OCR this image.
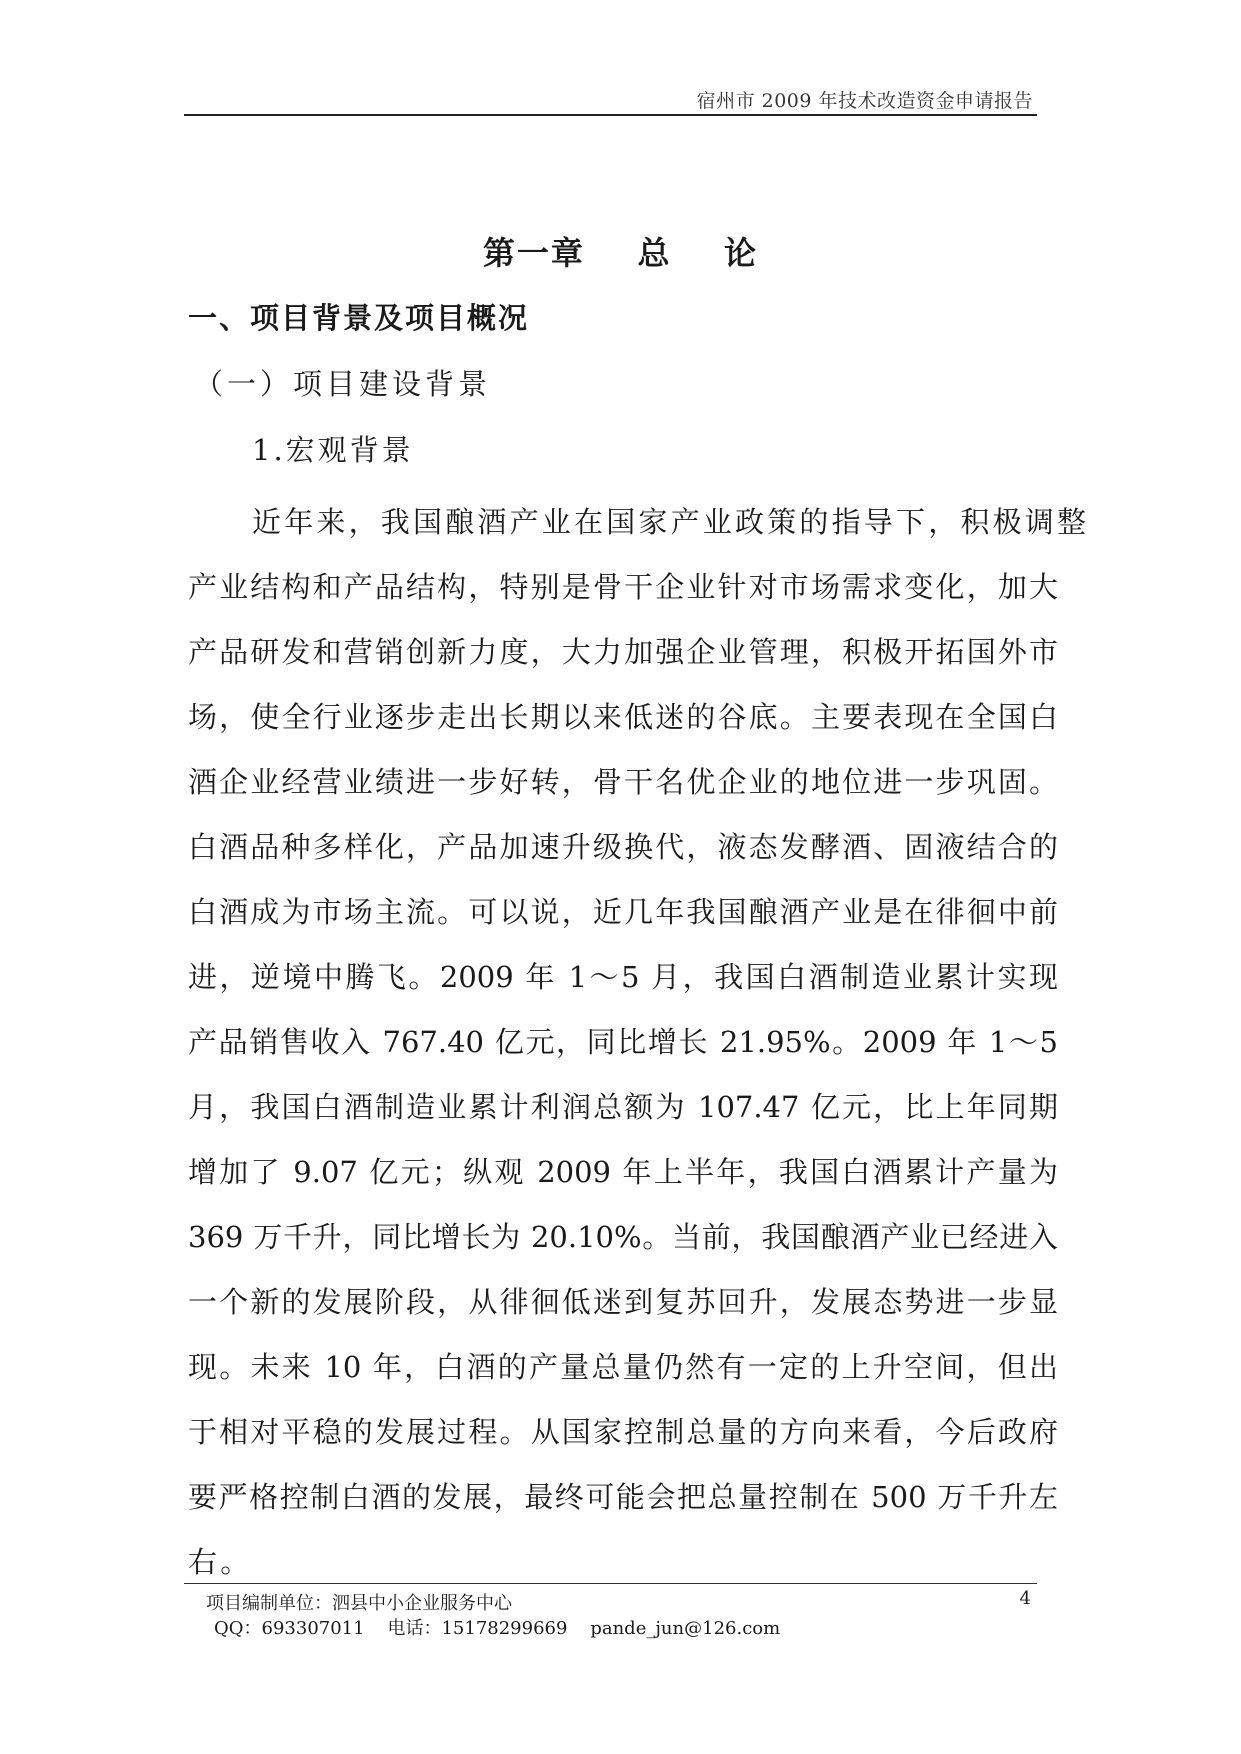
宿州市 2009 年技术改造资金申请报告
第一章    总    论
一、项目背景及项目概况
（一）项目建设背景
1.宏观背景
近年来，我国酿酒产业在国家产业政策的指导下，积极调整
产业结构和产品结构，特别是骨干企业针对市场需求变化，加大
产品研发和营销创新力度，大力加强企业管理，积极开拓国外市
场，使全行业逐步走出长期以来低迷的谷底。主要表现在全国白
酒企业经营业绩进一步好转，骨干名优企业的地位进一步巩固。
白酒品种多样化，产品加速升级换代，液态发酵酒、固液结合的
白酒成为市场主流。可以说，近几年我国酿酒产业是在徘徊中前
进，逆境中腾飞。2009 年 1～5 月，我国白酒制造业累计实现
产品销售收入 767.40 亿元，同比增长 21.95%。2009 年 1～5
月，我国白酒制造业累计利润总额为 107.47 亿元，比上年同期
增加了 9.07 亿元；纵观 2009 年上半年，我国白酒累计产量为
369 万千升，同比增长为 20.10%。当前，我国酿酒产业已经进入
一个新的发展阶段，从徘徊低迷到复苏回升，发展态势进一步显
现。未来 10 年，白酒的产量总量仍然有一定的上升空间，但出
于相对平稳的发展过程。从国家控制总量的方向来看，今后政府
要严格控制白酒的发展，最终可能会把总量控制在 500 万千升左
右。
项目编制单位：泗县中小企业服务中心
QQ：693307011    电话：15178299669    pande_jun@126.com
4
